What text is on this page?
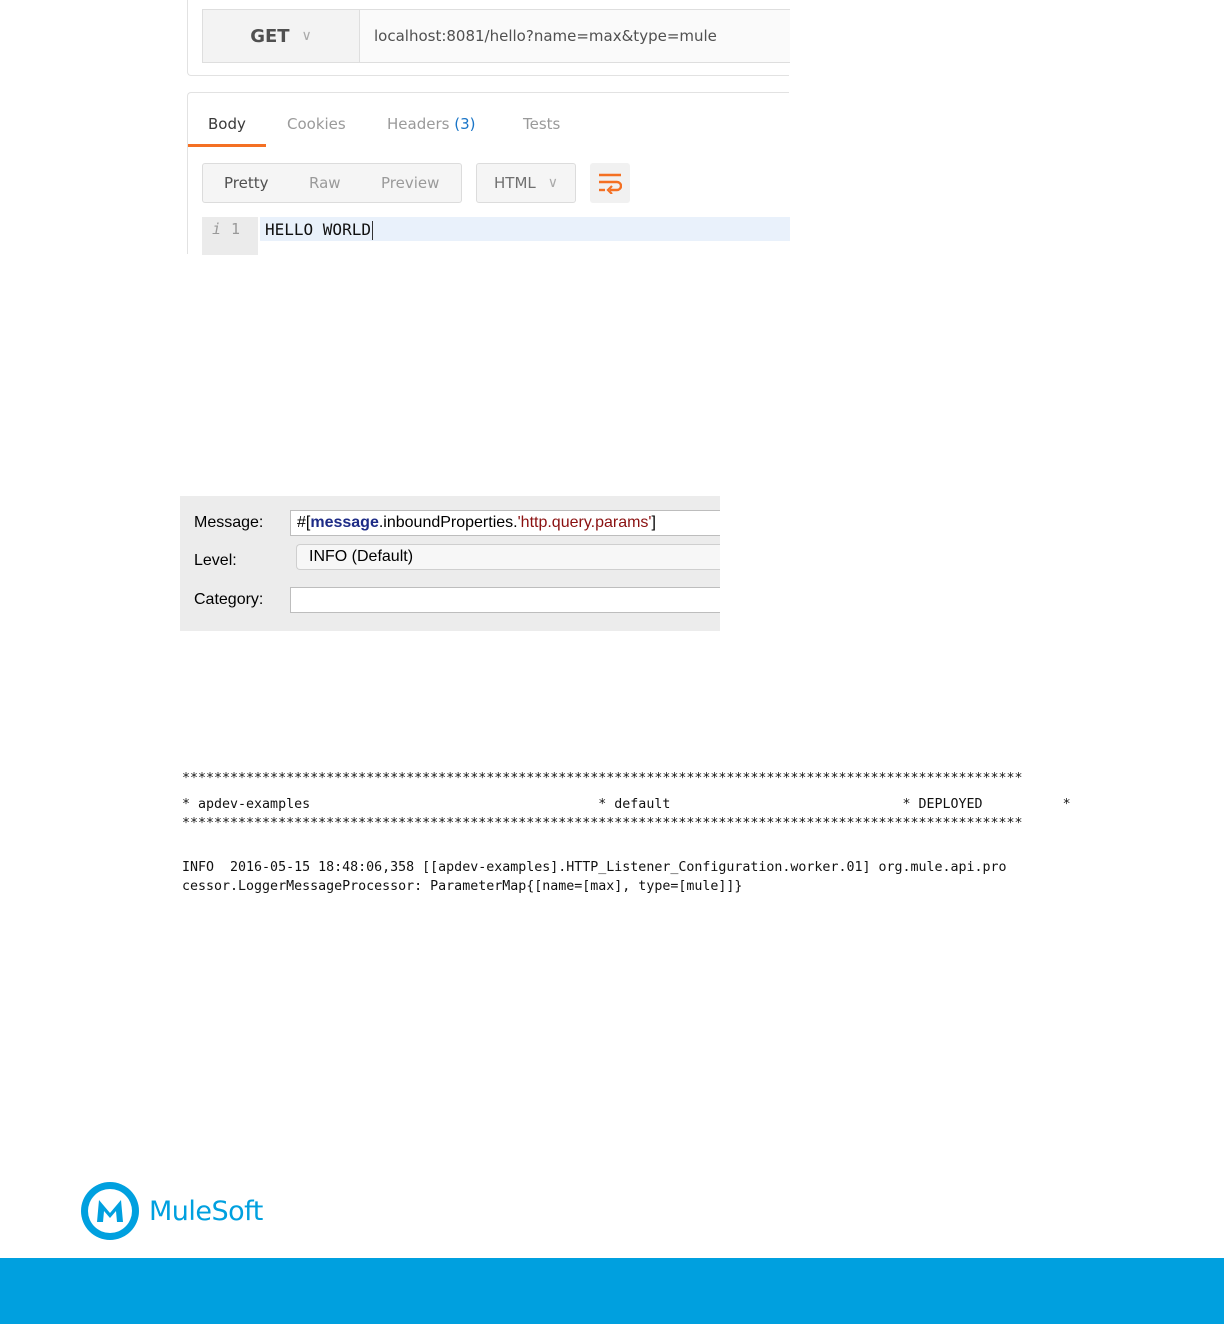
GET ∨	localhost:8081/hello?name=max&type=mule
Body	Cookies	Headers (3)	Tests
Pretty	Raw	Preview	HTML ∨
i 1 HELLO WORLD
Message:	#[message.inboundProperties.'http.query.params']
Level:	INFO (Default)
Category:

*********************************************************************************************************

* apdev-examples                                    * default                             * DEPLOYED          *

*********************************************************************************************************

INFO  2016-05-15 18:48:06,358 [[apdev-examples].HTTP_Listener_Configuration.worker.01] org.mule.api.pro

cessor.LoggerMessageProcessor: ParameterMap{[name=[max], type=[mule]]}

MuleSoft
